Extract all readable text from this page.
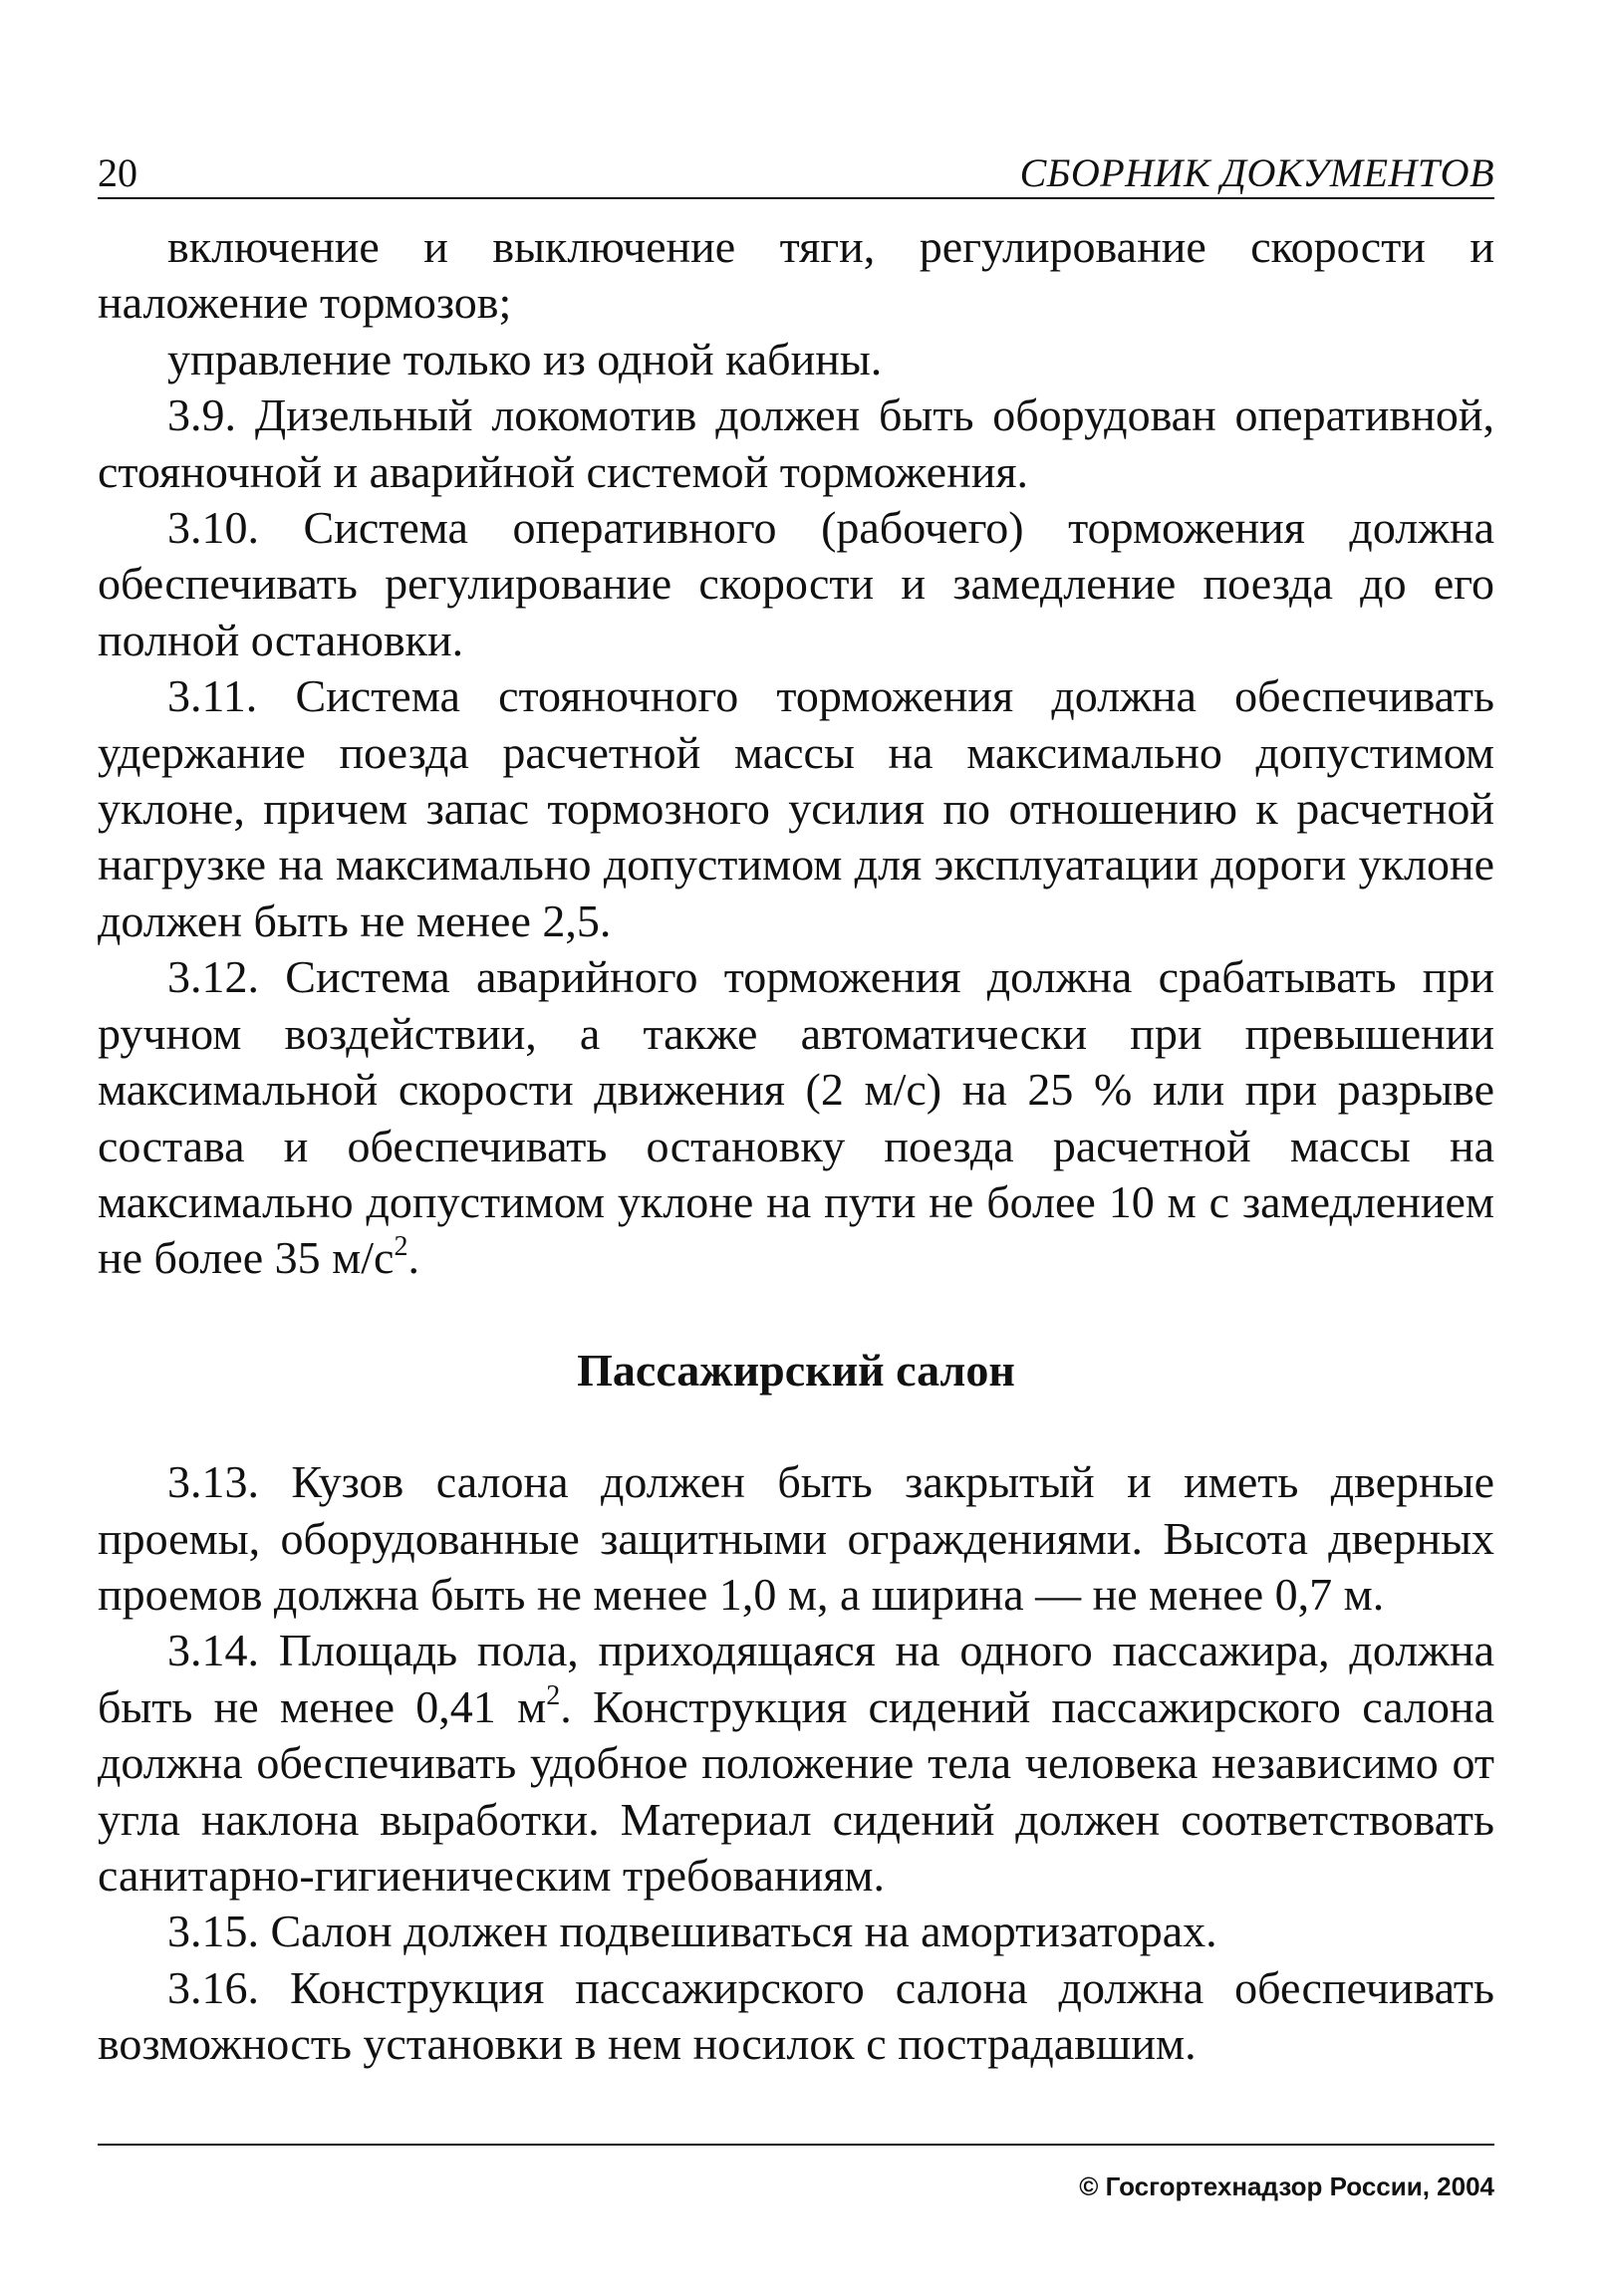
20	СБОРНИК ДОКУМЕНТОВ

включение и выключение тяги, регулирование скорости и наложение тормозов;

управление только из одной кабины.

3.9. Дизельный локомотив должен быть оборудован оперативной, стояночной и аварийной системой торможения.

3.10. Система оперативного (рабочего) торможения должна обеспечивать регулирование скорости и замедление поезда до его полной остановки.

3.11. Система стояночного торможения должна обеспечивать удержание поезда расчетной массы на максимально допустимом уклоне, причем запас тормозного усилия по отношению к расчетной нагрузке на максимально допустимом для эксплуатации дороги уклоне должен быть не менее 2,5.

3.12. Система аварийного торможения должна срабатывать при ручном воздействии, а также автоматически при превышении максимальной скорости движения (2 м/с) на 25 % или при разрыве состава и обеспечивать остановку поезда расчетной массы на максимально допустимом уклоне на пути не более 10 м с замедлением не более 35 $м/с^2$.

Пассажирский салон

3.13. Кузов салона должен быть закрытый и иметь дверные проемы, оборудованные защитными ограждениями. Высота дверных проемов должна быть не менее 1,0 м, а ширина — не менее 0,7 м.

3.14. Площадь пола, приходящаяся на одного пассажира, должна быть не менее 0,41 $м^2$. Конструкция сидений пассажирского салона должна обеспечивать удобное положение тела человека независимо от угла наклона выработки. Материал сидений должен соответствовать санитарно-гигиеническим требованиям.

3.15. Салон должен подвешиваться на амортизаторах.

3.16. Конструкция пассажирского салона должна обеспечивать возможность установки в нем носилок с пострадавшим.

© Госгортехнадзор России, 2004
